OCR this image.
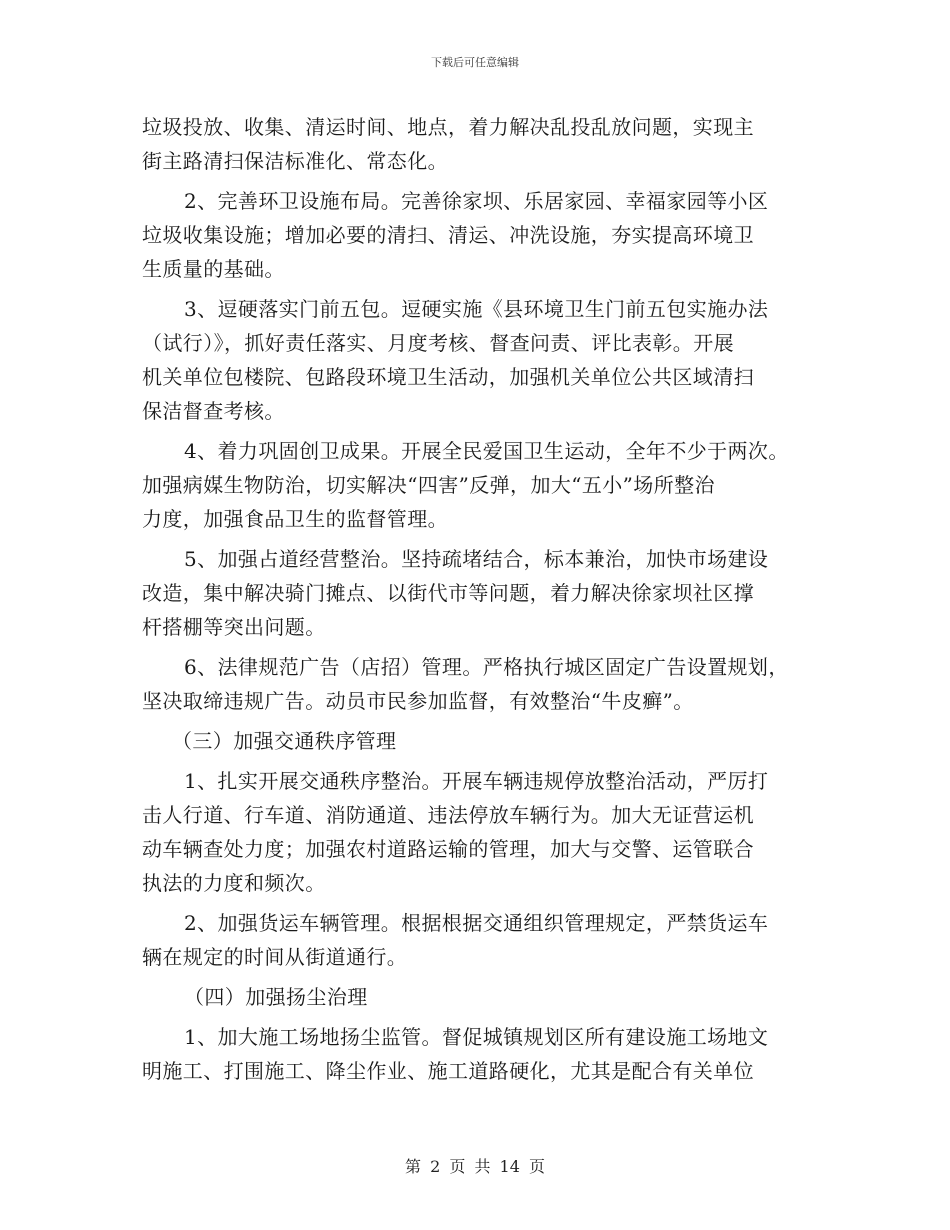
下载后可任意编辑
垃圾投放、收集、清运时间、地点，着力解决乱投乱放问题，实现主
街主路清扫保洁标准化、常态化。
2、完善环卫设施布局。完善徐家坝、乐居家园、幸福家园等小区
垃圾收集设施；增加必要的清扫、清运、冲洗设施，夯实提高环境卫
生质量的基础。
3、逗硬落实门前五包。逗硬实施《县环境卫生门前五包实施办法
（试行）》，抓好责任落实、月度考核、督查问责、评比表彰。开展
机关单位包楼院、包路段环境卫生活动，加强机关单位公共区域清扫
保洁督查考核。
4、着力巩固创卫成果。开展全民爱国卫生运动，全年不少于两次。
加强病媒生物防治，切实解决“四害”反弹，加大“五小”场所整治
力度，加强食品卫生的监督管理。
5、加强占道经营整治。坚持疏堵结合，标本兼治，加快市场建设
改造，集中解决骑门摊点、以街代市等问题，着力解决徐家坝社区撑
杆搭棚等突出问题。
6、法律规范广告（店招）管理。严格执行城区固定广告设置规划，
坚决取缔违规广告。动员市民参加监督，有效整治“牛皮癣”。
（三）加强交通秩序管理
1、扎实开展交通秩序整治。开展车辆违规停放整治活动，严厉打
击人行道、行车道、消防通道、违法停放车辆行为。加大无证营运机
动车辆查处力度；加强农村道路运输的管理，加大与交警、运管联合
执法的力度和频次。
2、加强货运车辆管理。根据根据交通组织管理规定，严禁货运车
辆在规定的时间从街道通行。
（四）加强扬尘治理
1、加大施工场地扬尘监管。督促城镇规划区所有建设施工场地文
明施工、打围施工、降尘作业、施工道路硬化，尤其是配合有关单位
第 2 页 共 14 页
